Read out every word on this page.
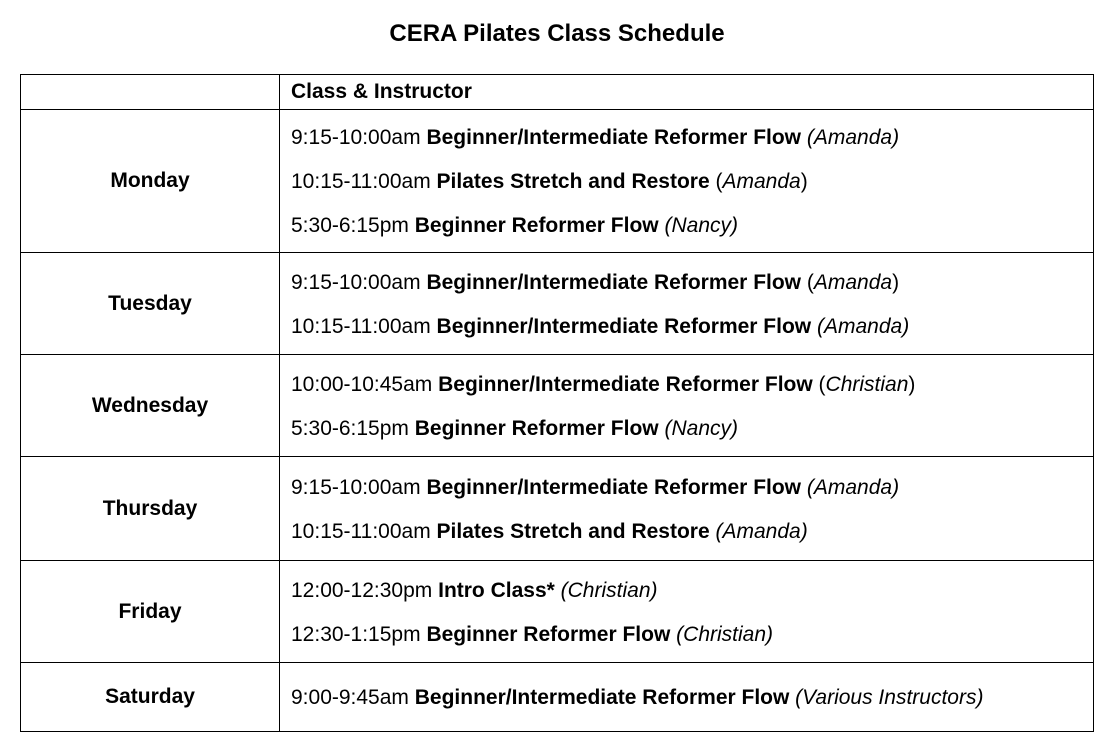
CERA Pilates Class Schedule
	Class & Instructor
Monday	9:15-10:00am Beginner/Intermediate Reformer Flow (Amanda)
10:15-11:00am Pilates Stretch and Restore (Amanda)
5:30-6:15pm Beginner Reformer Flow (Nancy)

Tuesday	9:15-10:00am Beginner/Intermediate Reformer Flow (Amanda)
10:15-11:00am Beginner/Intermediate Reformer Flow (Amanda)

Wednesday	10:00-10:45am Beginner/Intermediate Reformer Flow (Christian)
5:30-6:15pm Beginner Reformer Flow (Nancy)

Thursday	9:15-10:00am Beginner/Intermediate Reformer Flow (Amanda)
10:15-11:00am Pilates Stretch and Restore (Amanda)

Friday	12:00-12:30pm Intro Class* (Christian)
12:30-1:15pm Beginner Reformer Flow (Christian)

Saturday	9:00-9:45am Beginner/Intermediate Reformer Flow (Various Instructors)
